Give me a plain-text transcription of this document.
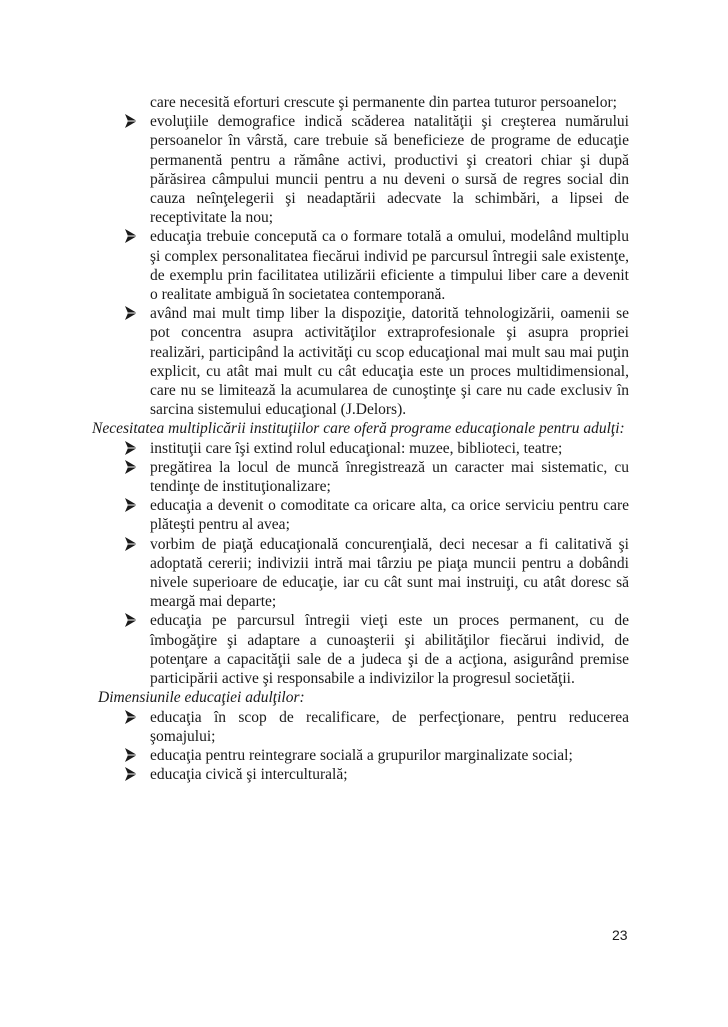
care necesită eforturi crescute şi permanente din partea tuturor persoanelor;
evoluţiile demografice indică scăderea natalităţii şi creşterea numărului persoanelor în vârstă, care trebuie să beneficieze de programe de educaţie permanentă pentru a rămâne activi, productivi şi creatori chiar şi după părăsirea câmpului muncii pentru a nu deveni o sursă de regres social din cauza neînţelegerii şi neadaptării adecvate la schimbări, a lipsei de receptivitate la nou;
educaţia trebuie concepută ca o formare totală a omului, modelând multiplu şi complex personalitatea fiecărui individ pe parcursul întregii sale existenţe, de exemplu prin facilitatea utilizării eficiente a timpului liber care a devenit o realitate ambiguă în societatea contemporană.
având mai mult timp liber la dispoziţie, datorită tehnologizării, oamenii se pot concentra asupra activităţilor extraprofesionale şi asupra propriei realizări, participând la activităţi cu scop educaţional mai mult sau mai puţin explicit, cu atât mai mult cu cât educaţia este un proces multidimensional, care nu se limitează la acumularea de cunoştinţe şi care nu cade exclusiv în sarcina sistemului educaţional (J.Delors).
Necesitatea multiplicării instituţiilor care oferă programe educaţionale pentru adulţi:
instituţii care îşi extind rolul educaţional: muzee, biblioteci, teatre;
pregătirea la locul de muncă înregistrează un caracter mai sistematic, cu tendinţe de instituţionalizare;
educaţia a devenit o comoditate ca oricare alta, ca orice serviciu pentru care plăteşti pentru al avea;
vorbim de piaţă educaţională concurenţială, deci necesar a fi calitativă şi adoptată cererii; indivizii intră mai târziu pe piaţa muncii pentru a dobândi nivele superioare de educaţie, iar cu cât sunt mai instruiţi, cu atât doresc să meargă mai departe;
educaţia pe parcursul întregii vieţi este un proces permanent, cu de îmbogăţire şi adaptare a cunoaşterii şi abilităţilor fiecărui individ, de potenţare a capacităţii sale de a judeca şi de a acţiona, asigurând premise participării active şi responsabile a indivizilor la progresul societăţii.
Dimensiunile educaţiei adulţilor:
educaţia în scop de recalificare, de perfecţionare, pentru reducerea şomajului;
educaţia pentru reintegrare socială a grupurilor marginalizate social;
educaţia civică şi interculturală;
23
